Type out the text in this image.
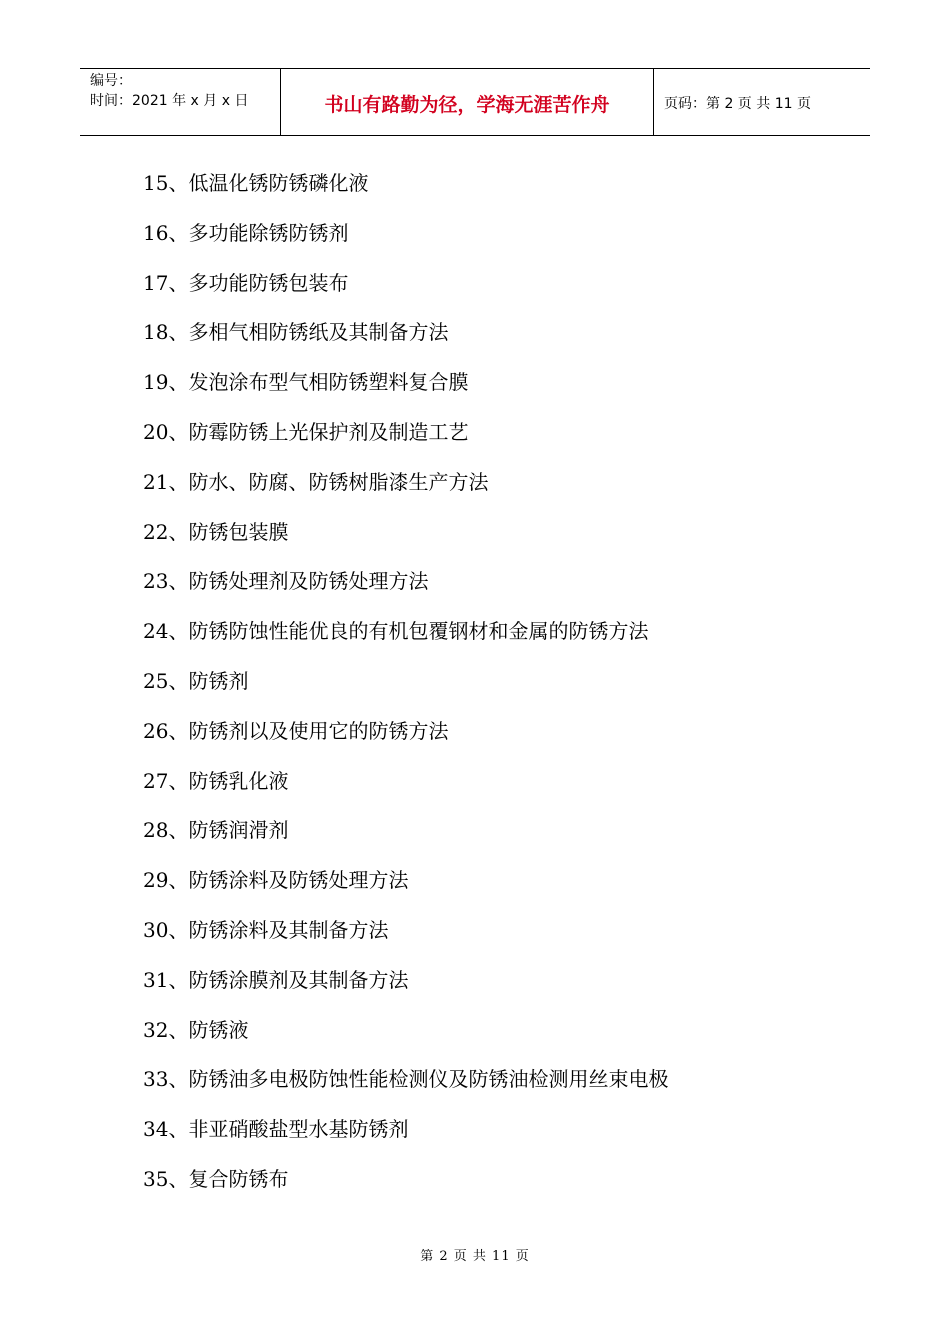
编号：
时间：2021 年 x 月 x 日	书山有路勤为径，学海无涯苦作舟	页码：第 2 页 共 11 页
15、低温化锈防锈磷化液
16、多功能除锈防锈剂
17、多功能防锈包装布
18、多相气相防锈纸及其制备方法
19、发泡涂布型气相防锈塑料复合膜
20、防霉防锈上光保护剂及制造工艺
21、防水、防腐、防锈树脂漆生产方法
22、防锈包装膜
23、防锈处理剂及防锈处理方法
24、防锈防蚀性能优良的有机包覆钢材和金属的防锈方法
25、防锈剂
26、防锈剂以及使用它的防锈方法
27、防锈乳化液
28、防锈润滑剂
29、防锈涂料及防锈处理方法
30、防锈涂料及其制备方法
31、防锈涂膜剂及其制备方法
32、防锈液
33、防锈油多电极防蚀性能检测仪及防锈油检测用丝束电极
34、非亚硝酸盐型水基防锈剂
35、复合防锈布
第 2 页 共 11 页
